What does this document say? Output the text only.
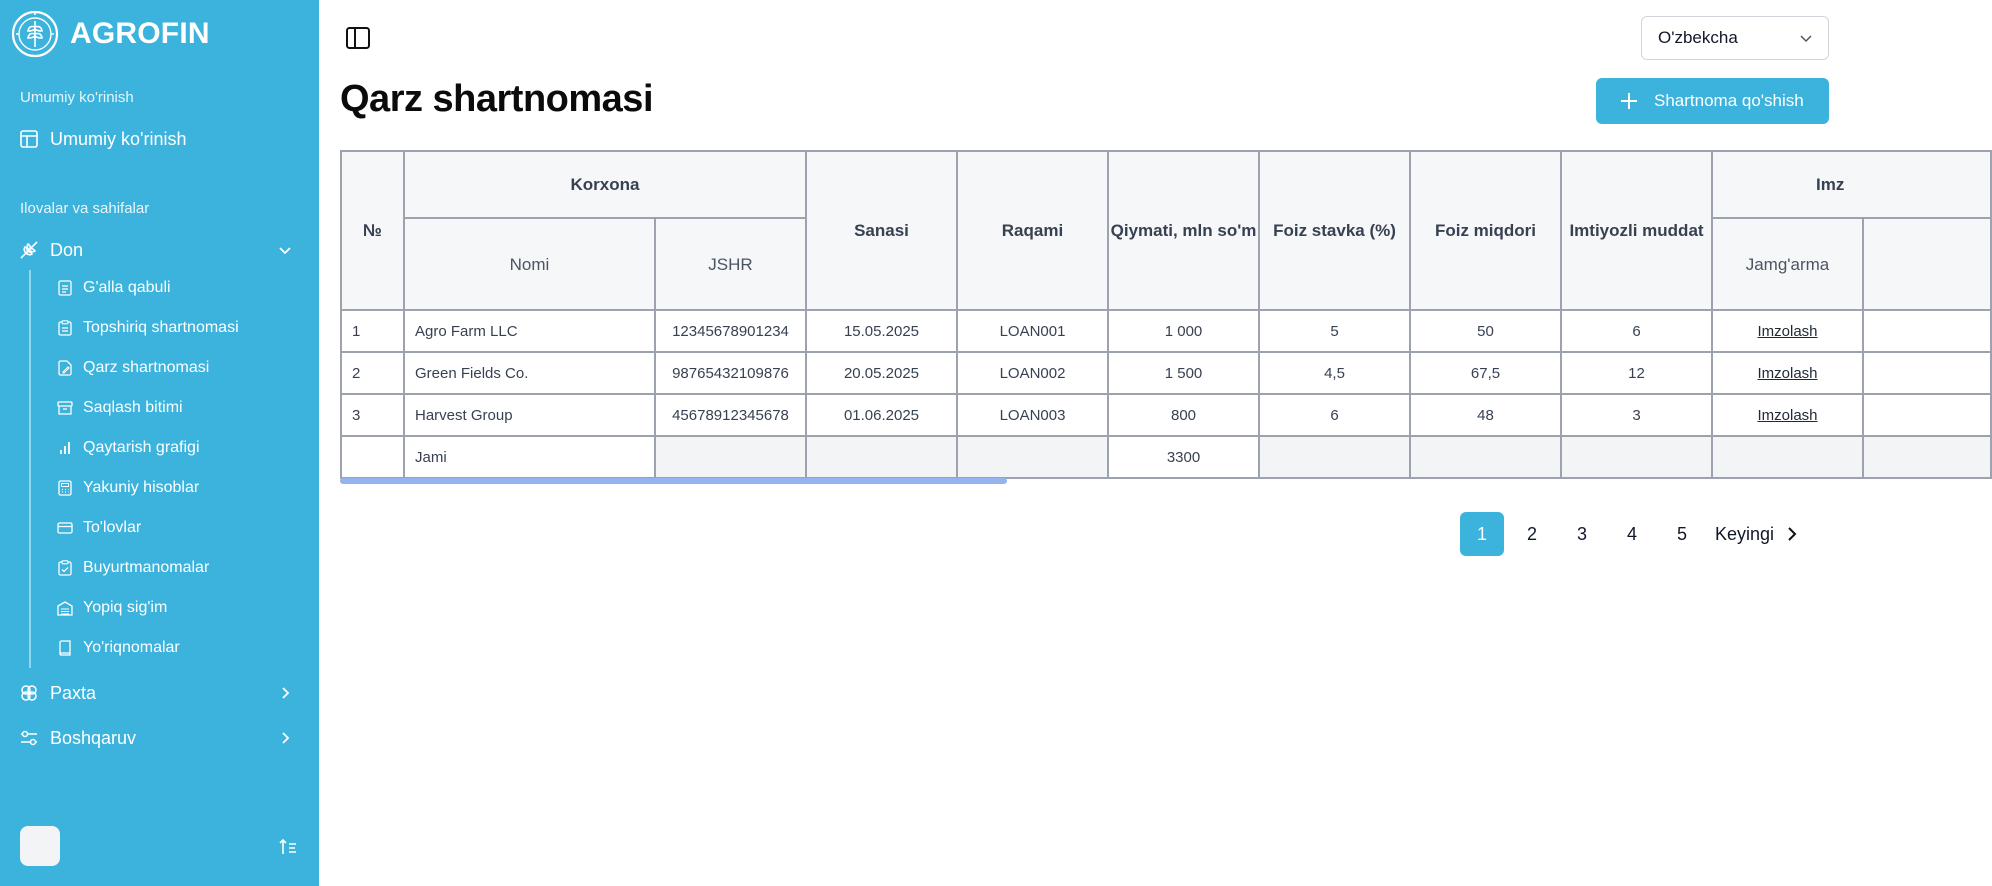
AGROFIN
Umumiy ko'rinish
Umumiy ko'rinish
Ilovalar va sahifalar
Don
G'alla qabuli
Topshiriq shartnomasi
Qarz shartnomasi
Saqlash bitimi
Qaytarish grafigi
Yakuniy hisoblar
To'lovlar
Buyurtmanomalar
Yopiq sig'im
Yo'riqnomalar
Paxta
Boshqaruv
O'zbekcha
Qarz shartnomasi	Shartnoma qo'shish
№	Korxona		Sanasi	Raqami	Qiymati, mln so'm	Foiz stavka (%)	Foiz miqdori	Imtiyozli muddat	Imz	
	Nomi	JSHR							Jamg'arma	
1	Agro Farm LLC	12345678901234	15.05.2025	LOAN001	1 000	5	50	6	Imzolash	
2	Green Fields Co.	98765432109876	20.05.2025	LOAN002	1 500	4,5	67,5	12	Imzolash	
3	Harvest Group	45678912345678	01.06.2025	LOAN003	800	6	48	3	Imzolash	
	Jami				3300					
1	2	3	4	5	Keyingi
